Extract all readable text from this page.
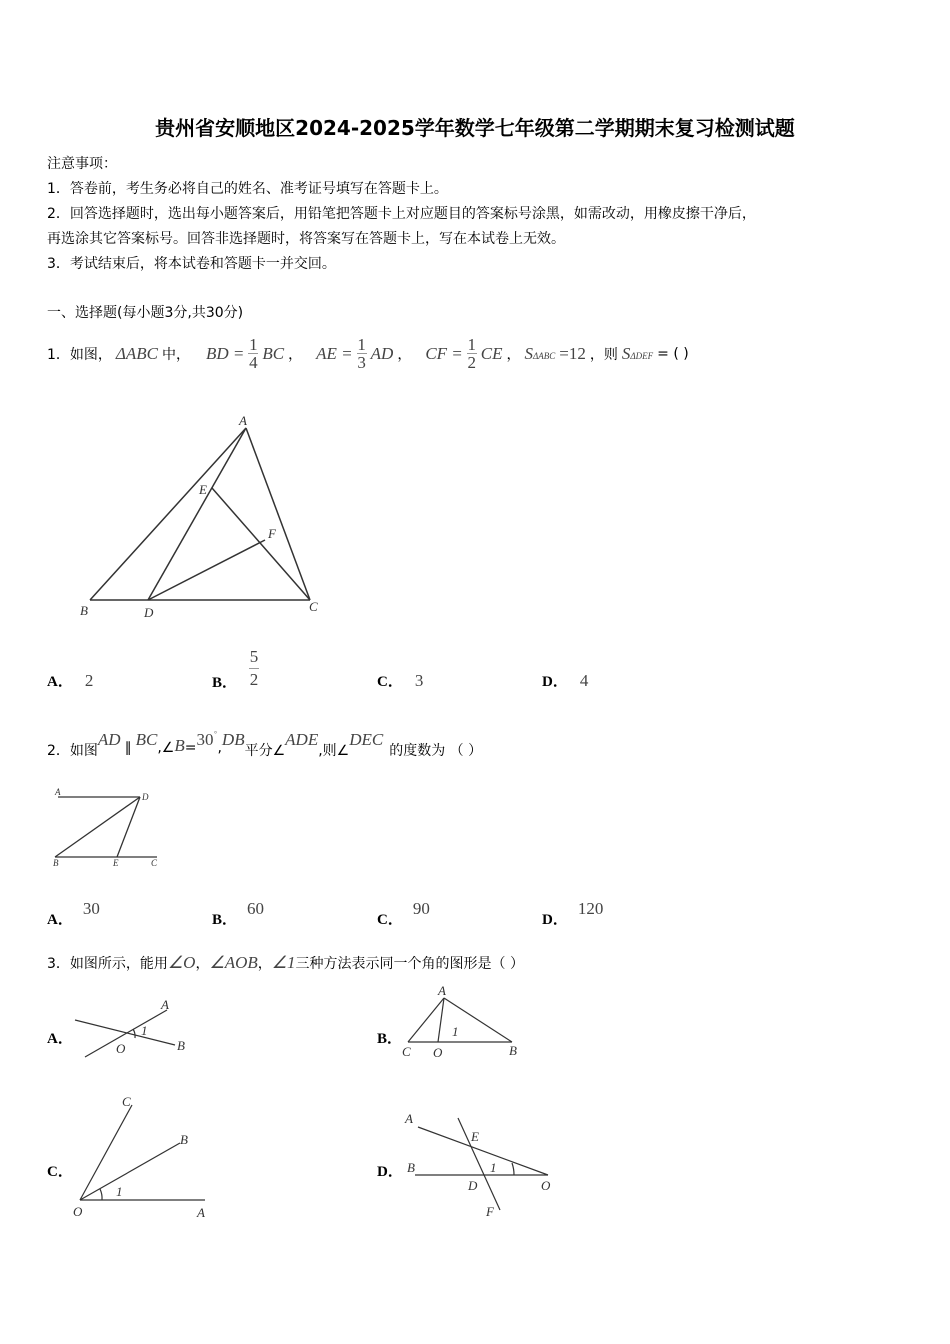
贵州省安顺地区2024-2025学年数学七年级第二学期期末复习检测试题
注意事项：
1．答卷前，考生务必将自己的姓名、准考证号填写在答题卡上。
2．回答选择题时，选出每小题答案后，用铅笔把答题卡上对应题目的答案标号涂黑，如需改动，用橡皮擦干净后，
再选涂其它答案标号。回答非选择题时，将答案写在答题卡上，写在本试卷上无效。
3．考试结束后，将本试卷和答题卡一并交回。
一、选择题(每小题3分,共30分)
1．如图， ΔABC 中， BD = $\frac{1}{4}$ BC ， AE = $\frac{1}{3}$ AD ， CF = $\frac{1}{2}$ CE ， SΔABC =12 ，则 SΔDEF = ( )
A
E
F
B	D	C
A	D
B	E	C
A
1
O	B
A
1
C O	B
C
B
1
O	A
A
E
B	1
D	O
F
A． 2	B． $\frac{5}{2}$	C． 3	D． 4
2．如图
AD ∥ BC ,∠ B = 30 °
, DB
平分∠
ADE
,则∠
DEC
的度数为 （ ）
A．30
B．60
C．90
D．120
3．如图所示，能用 ∠O ， ∠AOB ， ∠1 三种方法表示同一个角的图形是（ ）
A．	B．
C．	D．
